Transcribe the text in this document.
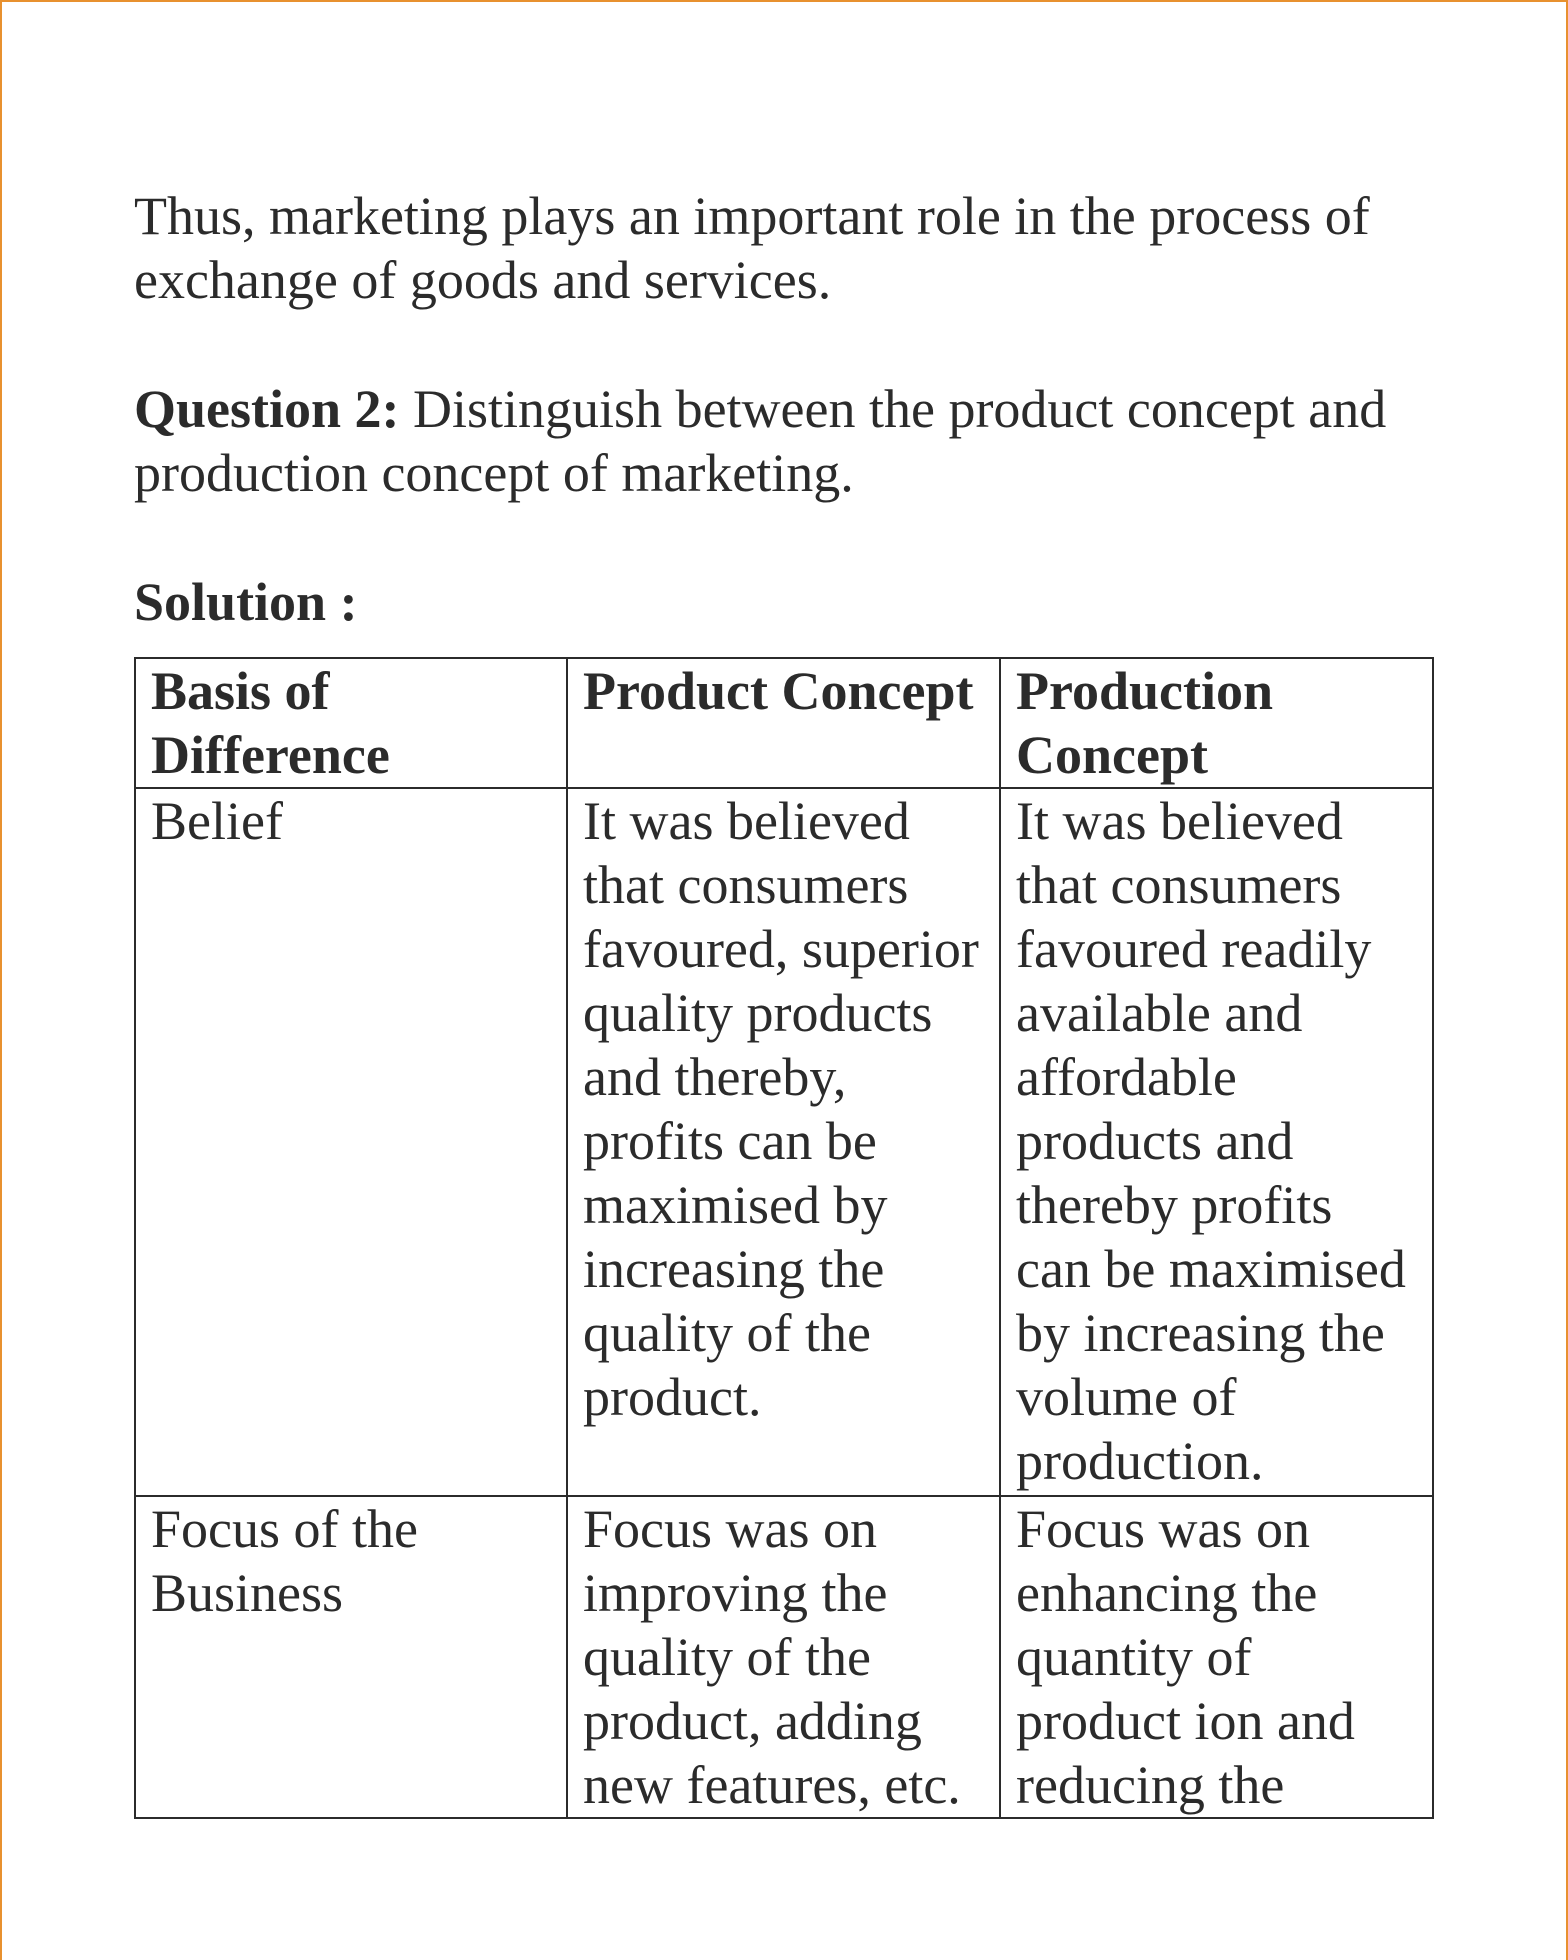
Thus, marketing plays an important role in the process of exchange of goods and services.

Question 2: Distinguish between the product concept and production concept of marketing.

Solution :

Basis of Difference	Product Concept	Production Concept
Belief	It was believed that consumers favoured, superior quality products and thereby, profits can be maximised by increasing the quality of the product.	It was believed that consumers favoured readily available and affordable products and thereby profits can be maximised by increasing the volume of production.
Focus of the Business	Focus was on improving the quality of the product, adding new features, etc.	Focus was on enhancing the quantity of product ion and reducing the
